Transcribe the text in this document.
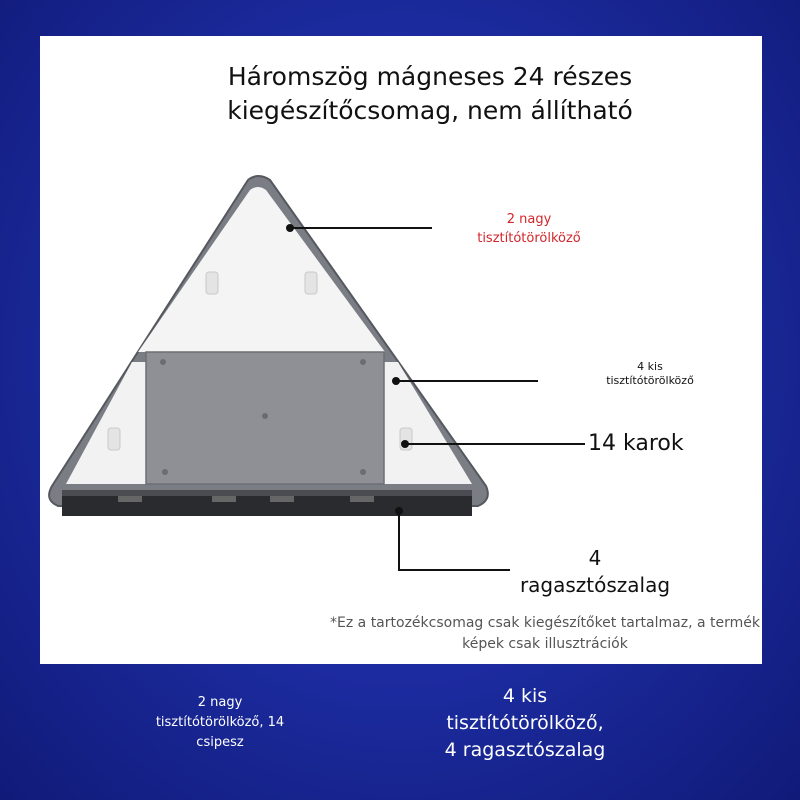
Háromszög mágneses 24 részes
kiegészítőcsomag, nem állítható
2 nagy
tisztítótörölköző
4 kis
tisztítótörölköző
14 karok
4
ragasztószalag
*Ez a tartozékcsomag csak kiegészítőket tartalmaz, a termék képek csak illusztrációk
2 nagy
tisztítótörölköző, 14
csipesz
4 kis
tisztítótörölköző,
4 ragasztószalag
